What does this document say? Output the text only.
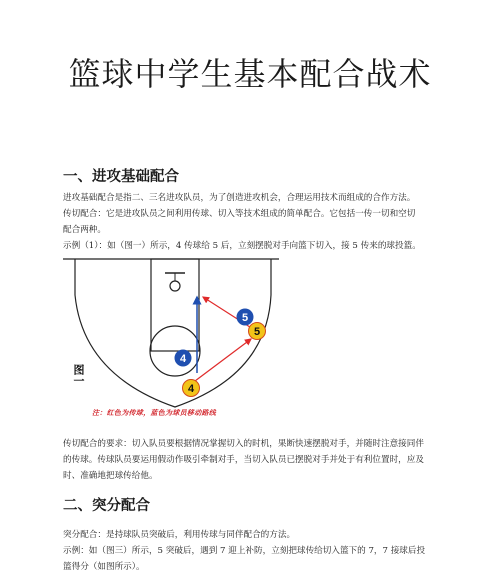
篮球中学生基本配合战术
一、进攻基础配合

进攻基础配合是指二、三名进攻队员，为了创造进攻机会，合理运用技术而组成的合作方法。

传切配合：它是进攻队员之间利用传球、切入等技术组成的简单配合。它包括一传一切和空切

配合两种。

示例（1）：如（图一）所示，4 传球给 5 后，立刻摆脱对手向篮下切入，接 5 传来的球投篮。

5
5
4
4
图一
注：红色为传球，蓝色为球员移动路线

传切配合的要求：切入队员要根据情况掌握切入的时机，果断快速摆脱对手，并随时注意接同伴

的传球。传球队员要运用假动作吸引牵制对手，当切入队员已摆脱对手并处于有利位置时，应及

时、准确地把球传给他。

二、突分配合

突分配合：是持球队员突破后，利用传球与同伴配合的方法。

示例：如（图三）所示，5 突破后，遇到 7 迎上补防，立刻把球传给切入篮下的 7，7 接球后投

篮得分（如图所示）。
